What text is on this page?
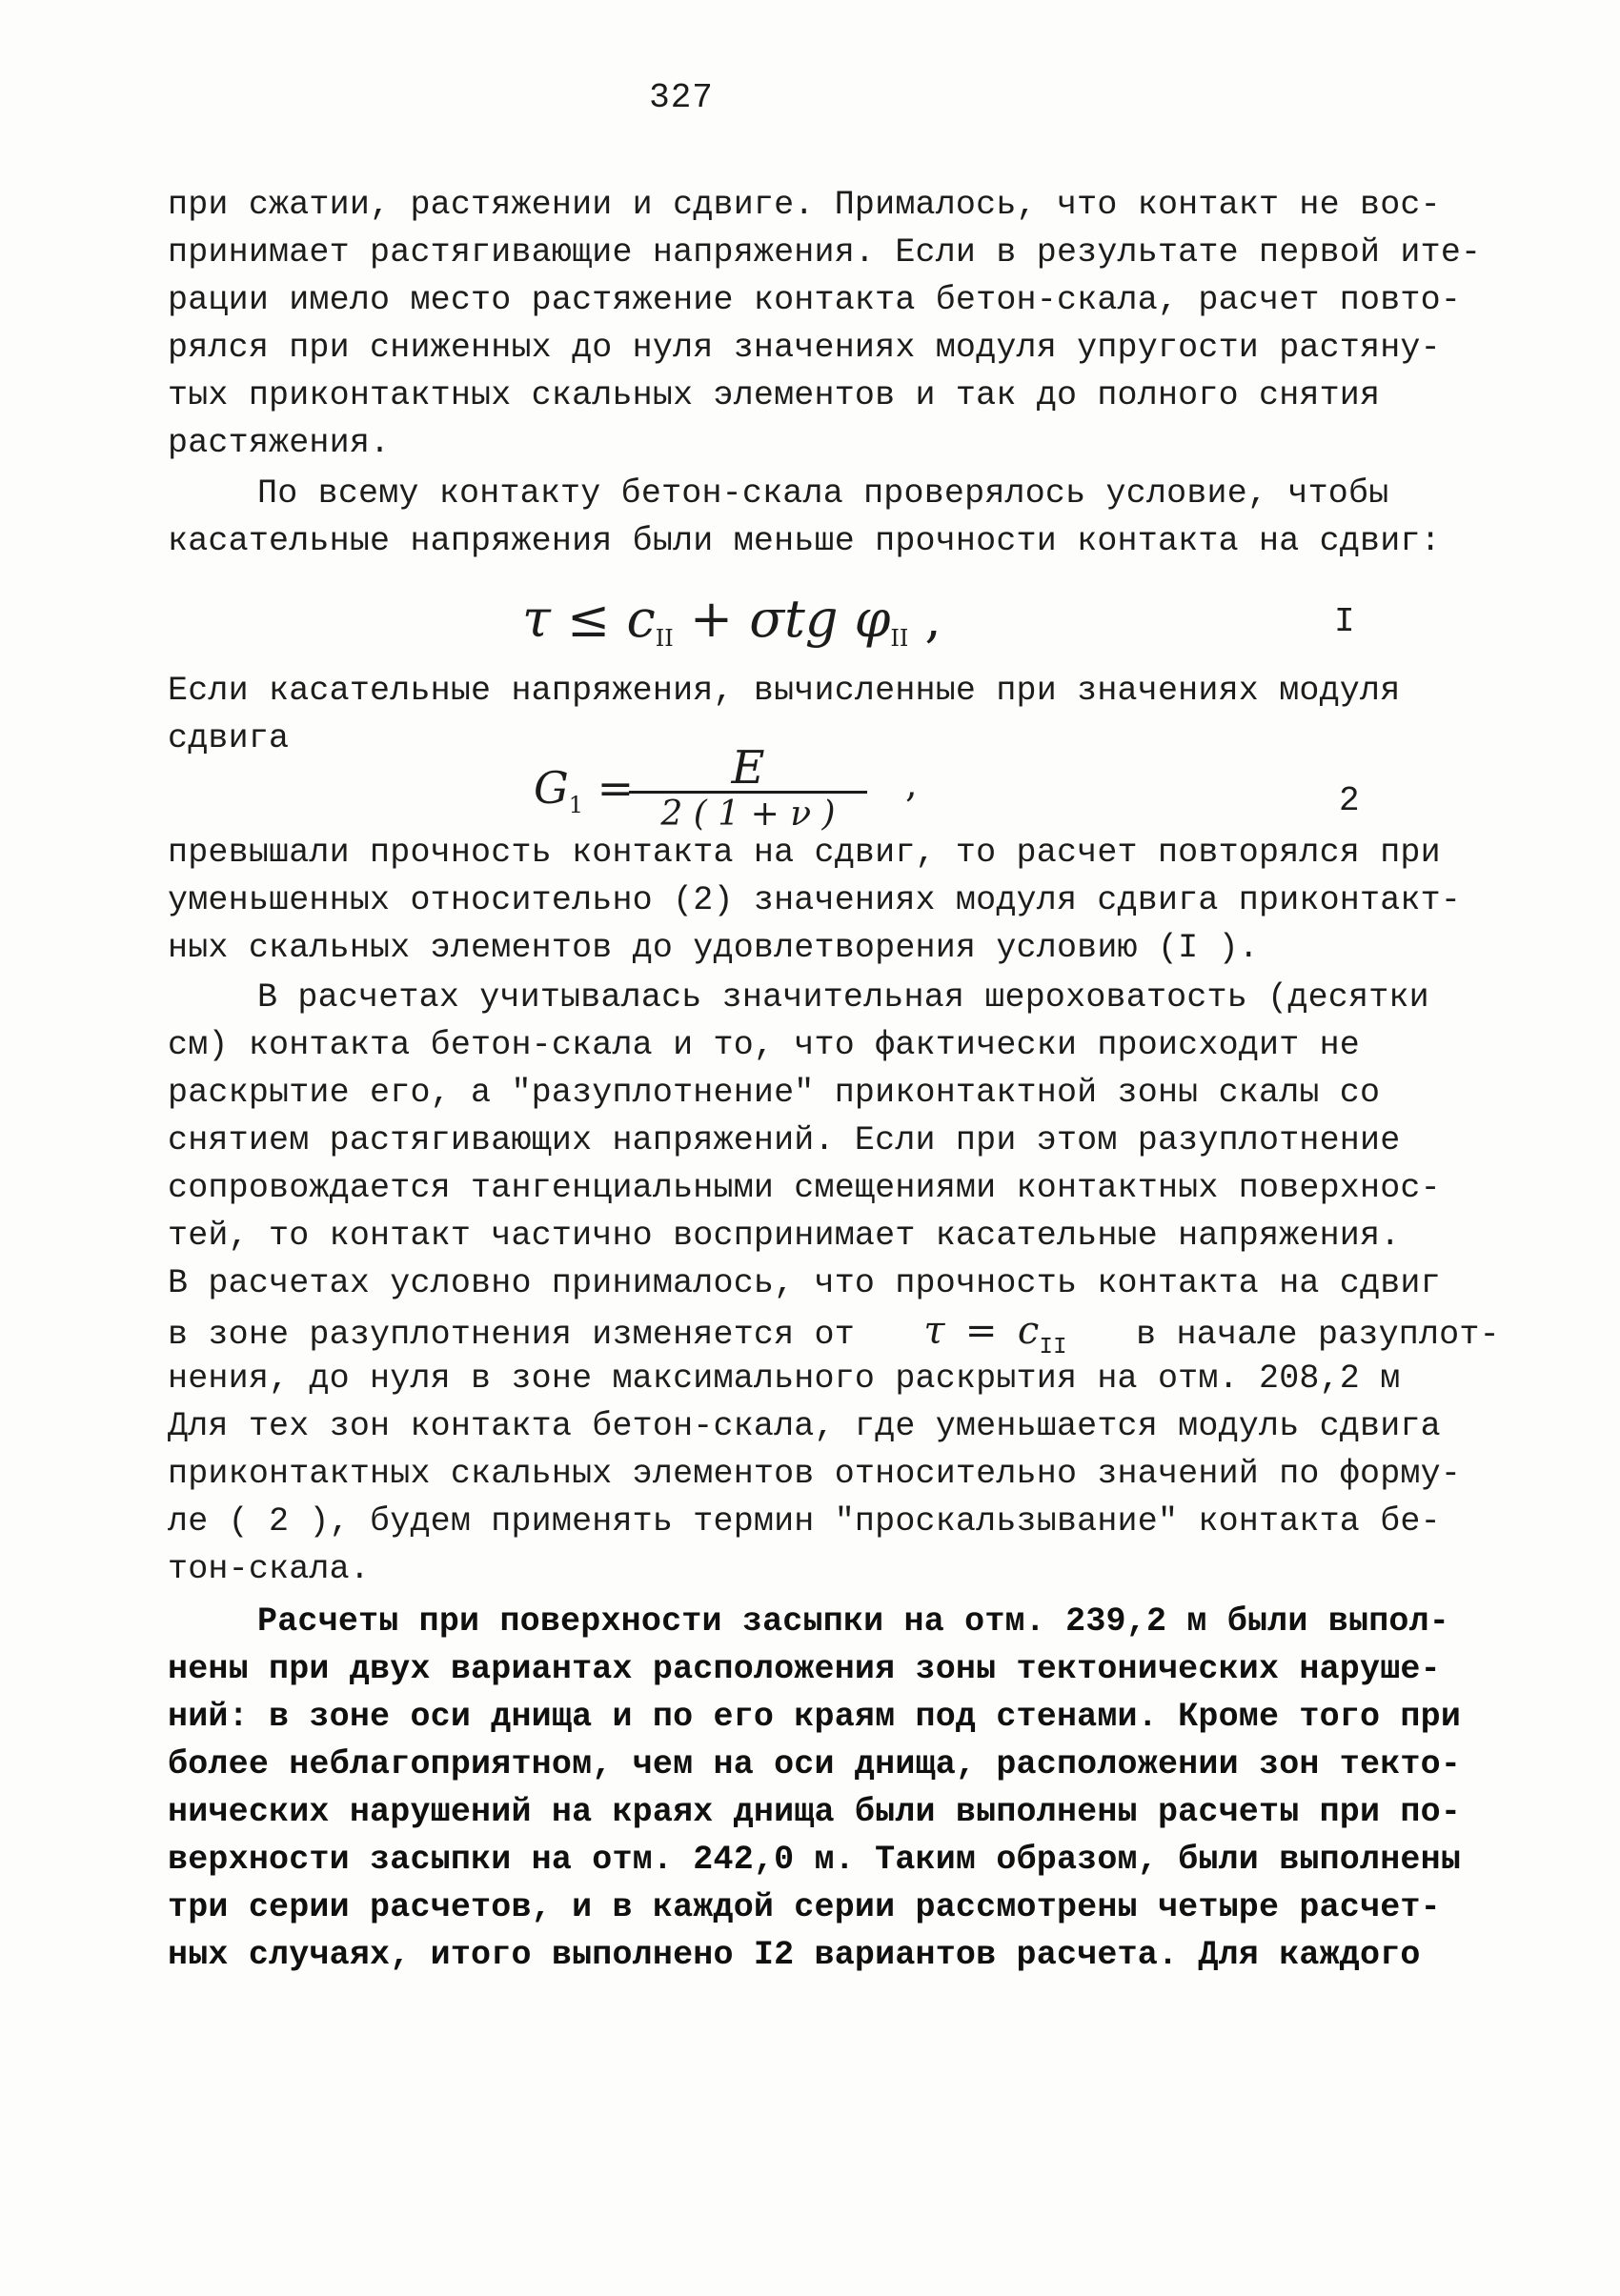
327
при сжатии, растяжении и сдвиге. Прималось, что контакт не вос-
принимает растягивающие напряжения. Если в результате первой ите-
рации имело место растяжение контакта бетон-скала, расчет повто-
рялся при сниженных до нуля значениях модуля упругости растяну-
тых приконтактных скальных элементов и так до полного снятия
растяжения.
По всему контакту бетон-скала проверялось условие, чтобы
касательные напряжения были меньше прочности контакта на сдвиг:
$\tau \le c_{II} + \sigma tg$ $\varphi_{II}$ ,	I
Если касательные напряжения, вычисленные при значениях модуля
сдвига
$G_1$ =	E
2 ( 1 + ν )
,	2
превышали прочность контакта на сдвиг, то расчет повторялся при
уменьшенных относительно (2) значениях модуля сдвига приконтакт-
ных скальных элементов до удовлетворения условию (I ).
В расчетах учитывалась значительная шероховатость (десятки
см) контакта бетон-скала и то, что фактически происходит не
раскрытие его, а "разуплотнение" приконтактной зоны скалы со
снятием растягивающих напряжений. Если при этом разуплотнение
сопровождается тангенциальными смещениями контактных поверхнос-
тей, то контакт частично воспринимает касательные напряжения.
В расчетах условно принималось, что прочность контакта на сдвиг
в зоне разуплотнения изменяется от $\tau = c_{II}$ в начале разуплот-
нения, до нуля в зоне максимального раскрытия на отм. 208,2 м
Для тех зон контакта бетон-скала, где уменьшается модуль сдвига
приконтактных скальных элементов относительно значений по форму-
ле ( 2 ), будем применять термин "проскальзывание" контакта бе-
тон-скала.
Расчеты при поверхности засыпки на отм. 239,2 м были выпол-
нены при двух вариантах расположения зоны тектонических наруше-
ний: в зоне оси днища и по его краям под стенами. Кроме того при
более неблагоприятном, чем на оси днища, расположении зон текто-
нических нарушений на краях днища были выполнены расчеты при по-
верхности засыпки на отм. 242,0 м. Таким образом, были выполнены
три серии расчетов, и в каждой серии рассмотрены четыре расчет-
ных случаях, итого выполнено I2 вариантов расчета. Для каждого
